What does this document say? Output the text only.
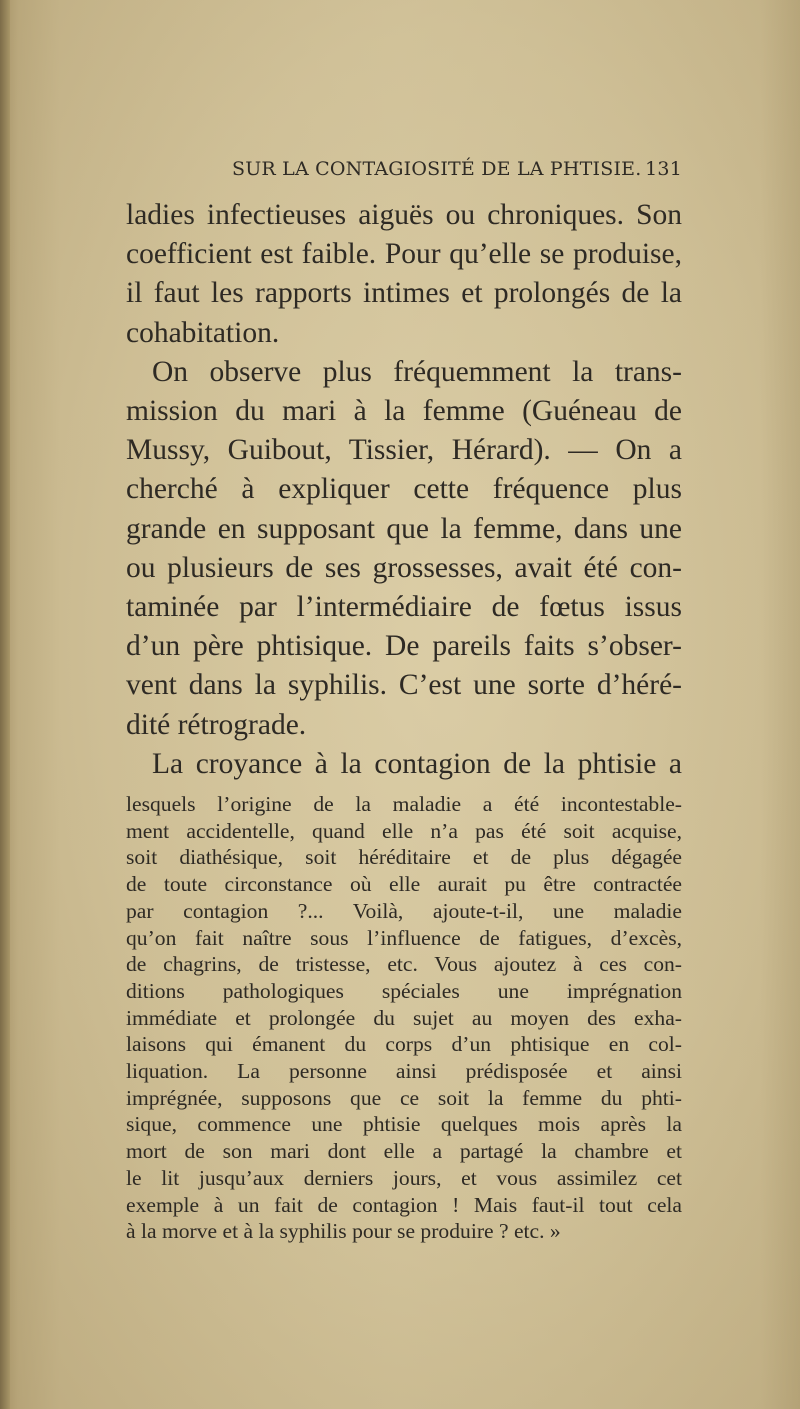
SUR LA CONTAGIOSITÉ DE LA PHTISIE. 131
ladies infectieuses aiguës ou chroniques. Son
coefficient est faible. Pour qu’elle se produise,
il faut les rapports intimes et prolongés de la
cohabitation.
On observe plus fréquemment la trans-
mission du mari à la femme (Guéneau de
Mussy, Guibout, Tissier, Hérard). — On a
cherché à expliquer cette fréquence plus
grande en supposant que la femme, dans une
ou plusieurs de ses grossesses, avait été con-
taminée par l’intermédiaire de fœtus issus
d’un père phtisique. De pareils faits s’obser-
vent dans la syphilis. C’est une sorte d’héré-
dité rétrograde.
La croyance à la contagion de la phtisie a
lesquels l’origine de la maladie a été incontestable-
ment accidentelle, quand elle n’a pas été soit acquise,
soit diathésique, soit héréditaire et de plus dégagée
de toute circonstance où elle aurait pu être contractée
par contagion ?... Voilà, ajoute-t-il, une maladie
qu’on fait naître sous l’influence de fatigues, d’excès,
de chagrins, de tristesse, etc. Vous ajoutez à ces con-
ditions pathologiques spéciales une imprégnation
immédiate et prolongée du sujet au moyen des exha-
laisons qui émanent du corps d’un phtisique en col-
liquation. La personne ainsi prédisposée et ainsi
imprégnée, supposons que ce soit la femme du phti-
sique, commence une phtisie quelques mois après la
mort de son mari dont elle a partagé la chambre et
le lit jusqu’aux derniers jours, et vous assimilez cet
exemple à un fait de contagion ! Mais faut-il tout cela
à la morve et à la syphilis pour se produire ? etc. »
